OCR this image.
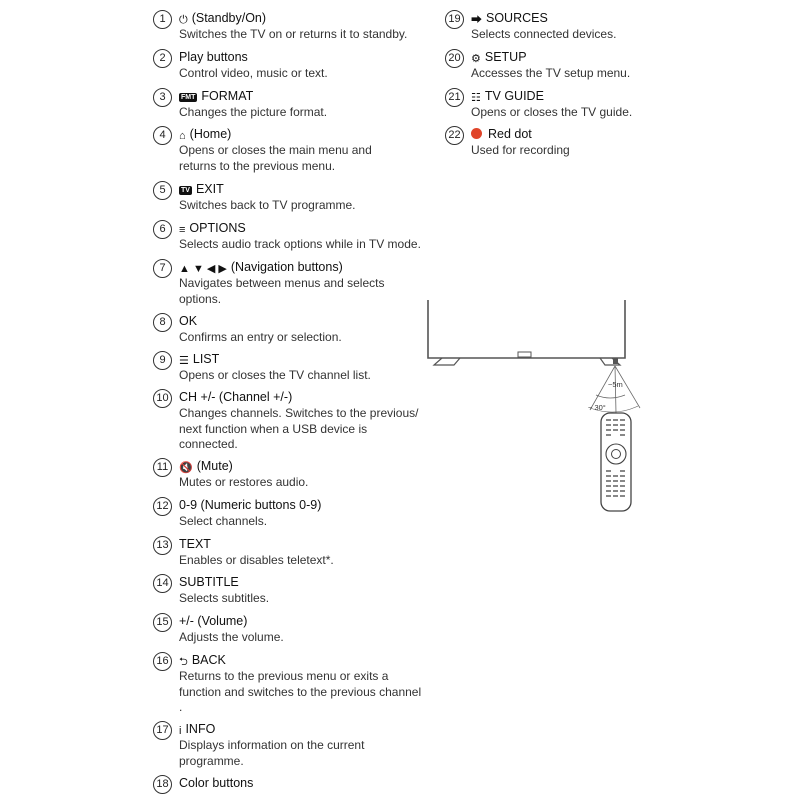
1	⏻ (Standby/On)
Switches the TV on or returns it to standby.
2	Play buttons
Control video, music or text.
3	FMT FORMAT
Changes the picture format.
4	⌂ (Home)
Opens or closes the main menu and
returns to the previous menu.
5	TV EXIT
Switches back to TV programme.
6	≡ OPTIONS
Selects audio track options while in TV mode.
7	▲ ▼ ◀ ▶ (Navigation buttons)
Navigates between menus and selects
options.
8	OK
Confirms an entry or selection.
9	☰ LIST
Opens or closes the TV channel list.
10 CH +/- (Channel +/-)
Changes channels. Switches to the previous/
next function when a USB device is
connected.
11 🔇 (Mute)
Mutes or restores audio.
12 0-9 (Numeric buttons 0-9)
Select channels.
13 TEXT
Enables or disables teletext*.
14 SUBTITLE
Selects subtitles.
15 +/- (Volume)
Adjusts the volume.
16 ⮌ BACK
Returns to the previous menu or exits a
function and switches to the previous channel
.
17 i INFO
Displays information on the current
programme.
18 Color buttons
19 ⮕ SOURCES
Selects connected devices.
20 ⚙ SETUP
Accesses the TV setup menu.
21 ☷ TV GUIDE
Opens or closes the TV guide.
22	Red dot
Used for recording
~5m
~ 30°
